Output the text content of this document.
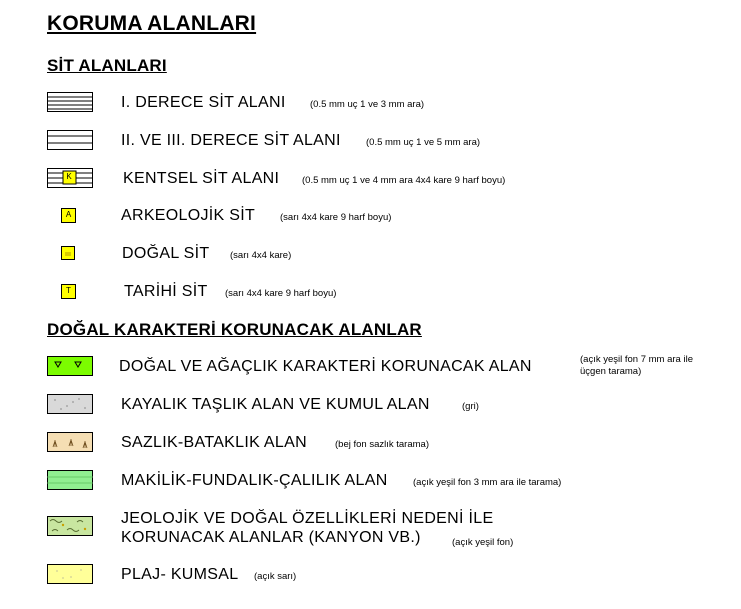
KORUMA ALANLARI
SİT ALANLARI
I. DERECE SİT ALANI	(0.5 mm uç 1 ve 3 mm ara)
II. VE III. DERECE SİT ALANI	(0.5 mm uç 1 ve 5 mm ara)
K	KENTSEL SİT ALANI (0.5 mm uç 1 ve 4 mm ara 4x4 kare 9 harf boyu)
A	ARKEOLOJİK SİT	(sarı 4x4 kare 9 harf boyu)
DOĞAL SİT (sarı 4x4 kare)
T	TARİHİ SİT (sarı 4x4 kare 9 harf boyu)
DOĞAL KARAKTERİ KORUNACAK ALANLAR
DOĞAL VE AĞAÇLIK KARAKTERİ KORUNACAK ALAN	(açık yeşil fon 7 mm ara ile
üçgen tarama)
KAYALIK TAŞLIK ALAN VE KUMUL ALAN	(gri)
SAZLIK-BATAKLIK ALAN	(bej fon sazlık tarama)
MAKİLİK-FUNDALIK-ÇALILIK ALAN	(açık yeşil fon 3 mm ara ile tarama)
JEOLOJİK VE DOĞAL ÖZELLİKLERİ NEDENİ İLE
KORUNACAK ALANLAR (KANYON VB.)	(açık yeşil fon)
PLAJ- KUMSAL (açık sarı)
